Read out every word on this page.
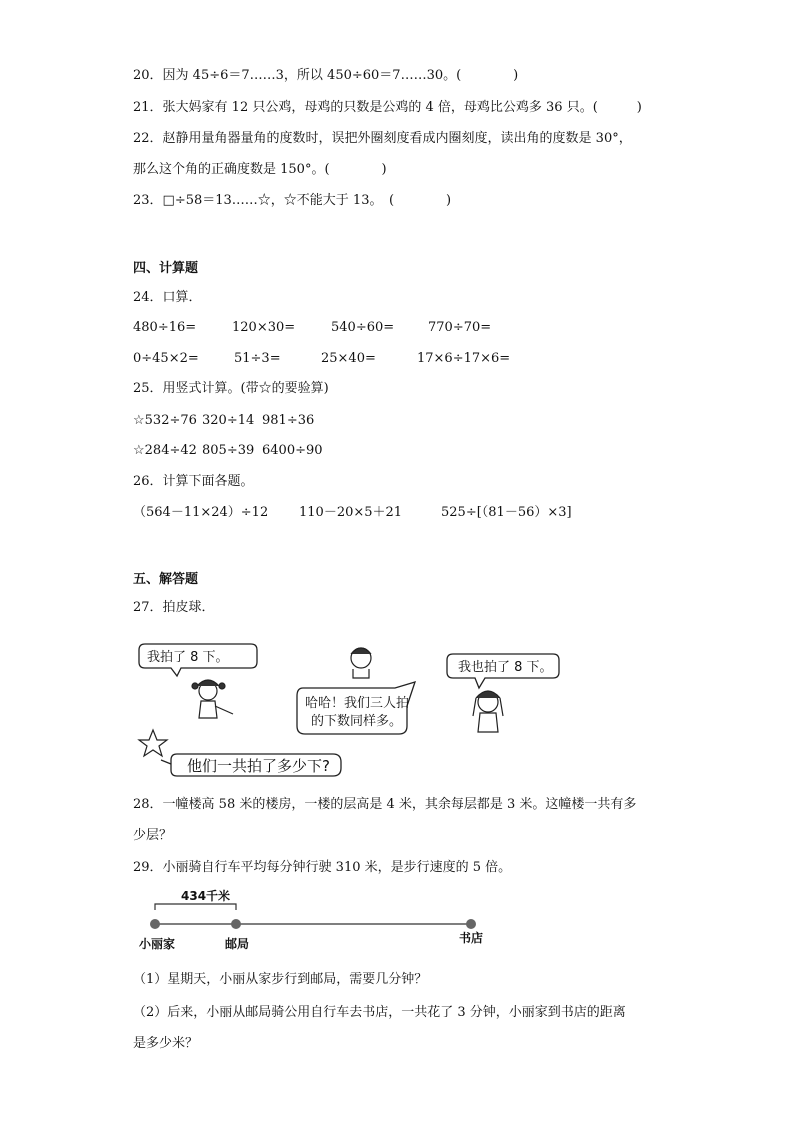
20．因为 45÷6＝7……3，所以 450÷60＝7……30。(　　　　)
21．张大妈家有 12 只公鸡，母鸡的只数是公鸡的 4 倍，母鸡比公鸡多 36 只。(　　　)
22．赵静用量角器量角的度数时，误把外圈刻度看成内圈刻度，读出角的度数是 30°，
那么这个角的正确度数是 150°。(　　　　)
23．□÷58＝13……☆，☆不能大于 13。　(　　　　)
四、计算题
24．口算．
480÷16=	120×30=	540÷60=	770÷70=
0÷45×2=	51÷3=	25×40=	17×6÷17×6=
25．用竖式计算。(带☆的要验算)
☆532÷76 320÷14 981÷36
☆284÷42 805÷39 6400÷90
26．计算下面各题。
（564－11×24）÷12 110－20×5＋21	525÷[（81－56）×3]
五、解答题
27．拍皮球．
我拍了 8 下。
哈哈！我们三人拍
的下数同样多。
我也拍了 8 下。
他们一共拍了多少下?
28．一幢楼高 58 米的楼房，一楼的层高是 4 米，其余每层都是 3 米。这幢楼一共有多
少层？
29．小丽骑自行车平均每分钟行驶 310 米，是步行速度的 5 倍。
434千米
小丽家	邮局	书店
（1）星期天，小丽从家步行到邮局，需要几分钟？
（2）后来，小丽从邮局骑公用自行车去书店，一共花了 3 分钟，小丽家到书店的距离
是多少米？
